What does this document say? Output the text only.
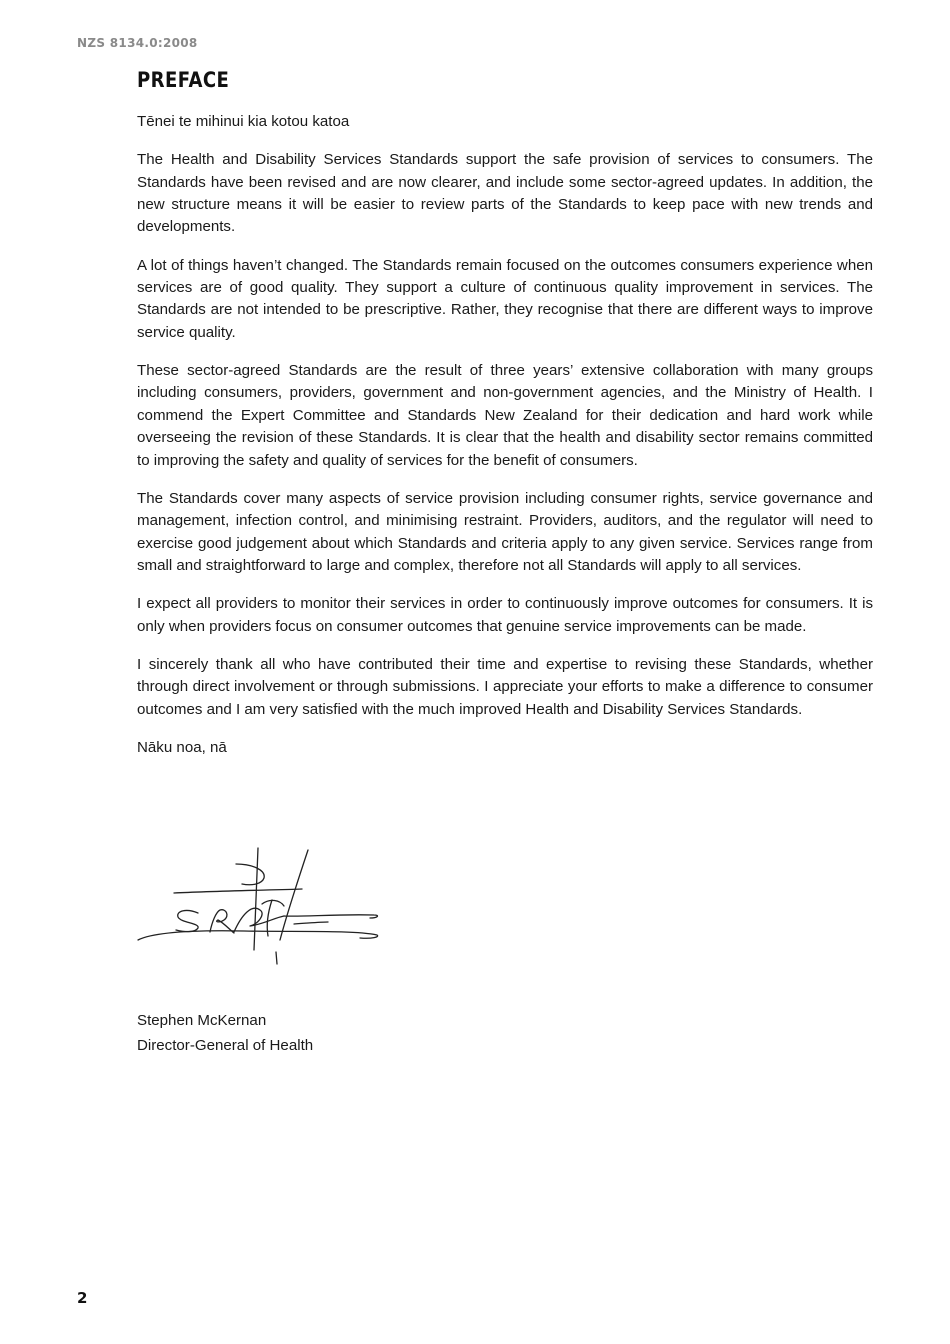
NZS 8134.0:2008
PREFACE

Tēnei te mihinui kia kotou katoa

The Health and Disability Services Standards support the safe provision of services to consumers. The Standards have been revised and are now clearer, and include some sector-agreed updates. In addition, the new structure means it will be easier to review parts of the Standards to keep pace with new trends and developments.

A lot of things haven’t changed. The Standards remain focused on the outcomes consumers experience when services are of good quality. They support a culture of continuous quality improvement in services. The Standards are not intended to be prescriptive. Rather, they recognise that there are different ways to improve service quality.

These sector-agreed Standards are the result of three years’ extensive collaboration with many groups including consumers, providers, government and non-government agencies, and the Ministry of Health. I commend the Expert Committee and Standards New Zealand for their dedication and hard work while overseeing the revision of these Standards. It is clear that the health and disability sector remains committed to improving the safety and quality of services for the benefit of consumers.

The Standards cover many aspects of service provision including consumer rights, service governance and management, infection control, and minimising restraint. Providers, auditors, and the regulator will need to exercise good judgement about which Standards and criteria apply to any given service. Services range from small and straightforward to large and complex, therefore not all Standards will apply to all services.

I expect all providers to monitor their services in order to continuously improve outcomes for consumers. It is only when providers focus on consumer outcomes that genuine service improvements can be made.

I sincerely thank all who have contributed their time and expertise to revising these Standards, whether through direct involvement or through submissions. I appreciate your efforts to make a difference to consumer outcomes and I am very satisfied with the much improved Health and Disability Services Standards.

Nāku noa, nā

Stephen McKernan
Director-General of Health
2
